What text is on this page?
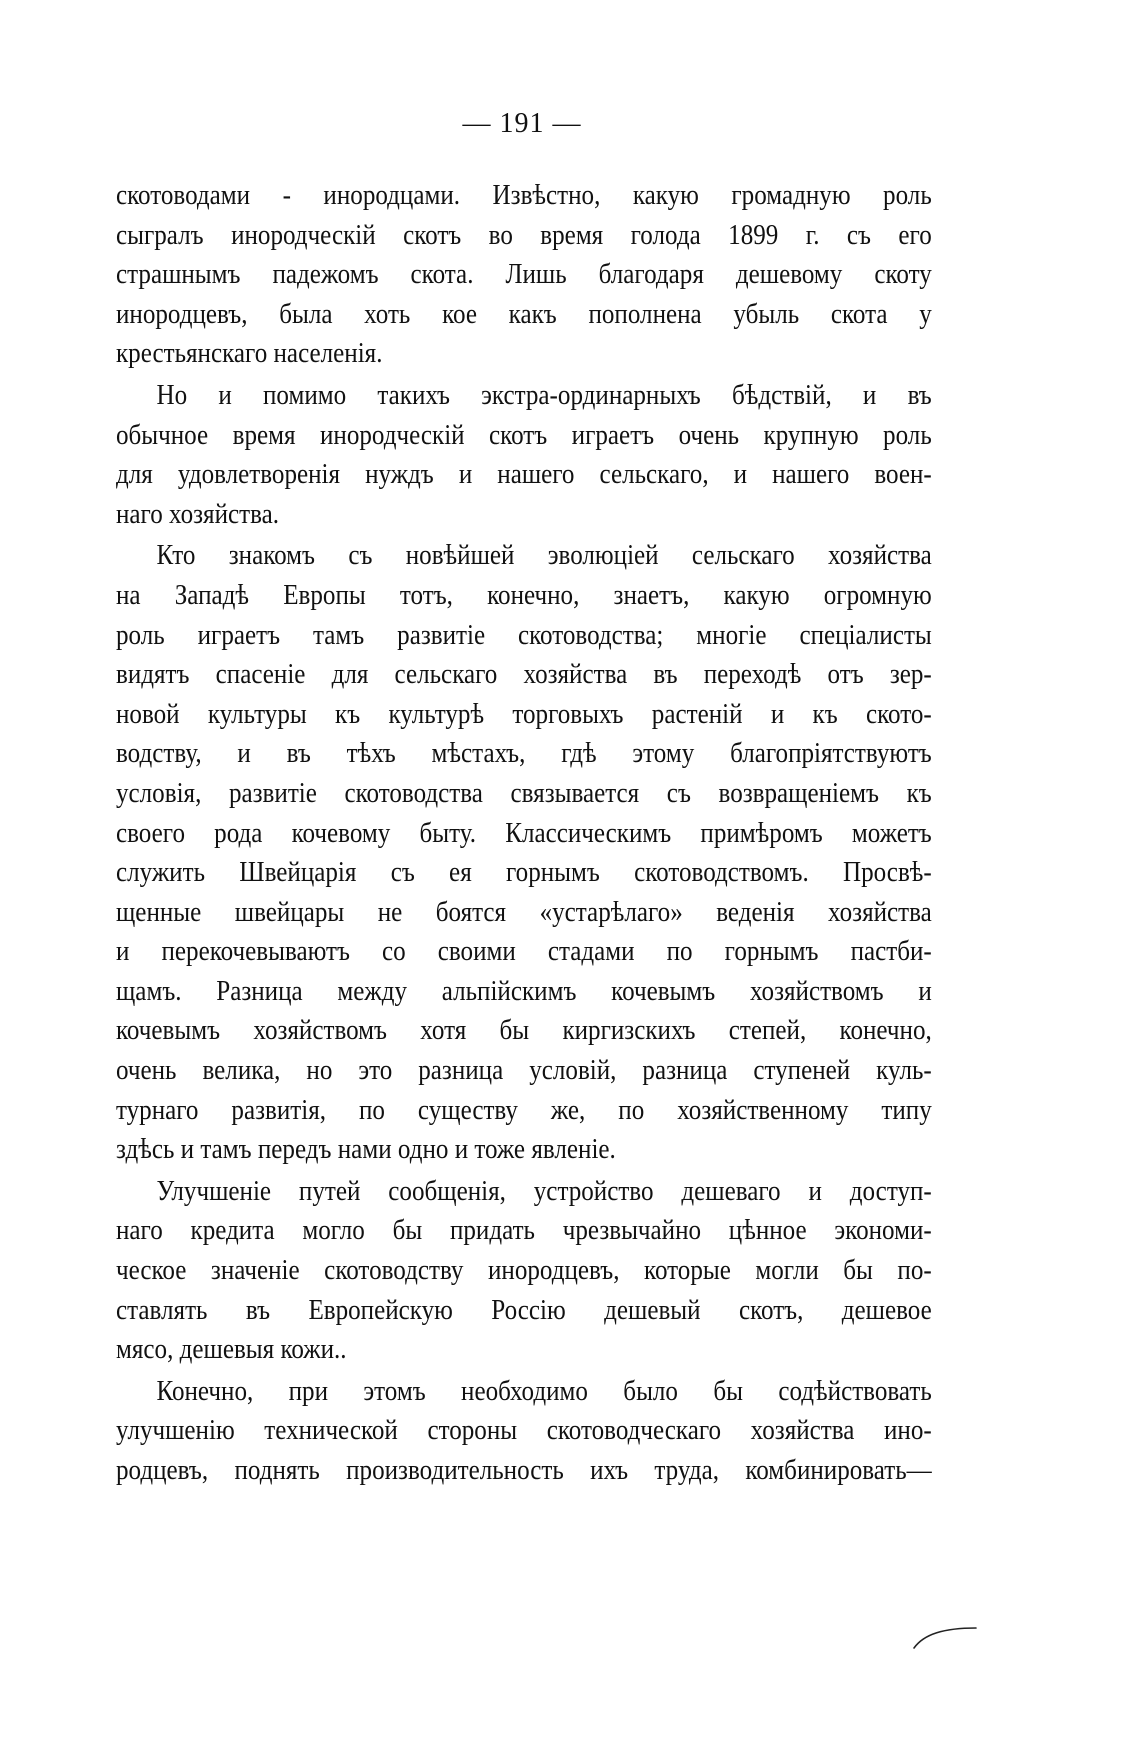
— 191 —
скотоводами - инородцами. Извѣстно, какую громадную роль
сыгралъ инородческій скотъ во время голода 1899 г. съ его
страшнымъ падежомъ скота. Лишь благодаря дешевому скоту
инородцевъ, была хоть кое какъ пополнена убыль скота у
крестьянскаго населенія.
Но и помимо такихъ экстра-ординарныхъ бѣдствій, и въ
обычное время инородческій скотъ играетъ очень крупную роль
для удовлетворенія нуждъ и нашего сельскаго, и нашего воен-
наго хозяйства.
Кто знакомъ съ новѣйшей эволюціей сельскаго хозяйства
на Западѣ Европы тотъ, конечно, знаетъ, какую огромную
роль играетъ тамъ развитіе скотоводства; многіе спеціалисты
видятъ спасеніе для сельскаго хозяйства въ переходѣ отъ зер-
новой культуры къ культурѣ торговыхъ растеній и къ ското-
водству, и въ тѣхъ мѣстахъ, гдѣ этому благопріятствуютъ
условія, развитіе скотоводства связывается съ возвращеніемъ къ
своего рода кочевому быту. Классическимъ примѣромъ можетъ
служить Швейцарія съ ея горнымъ скотоводствомъ. Просвѣ-
щенные швейцары не боятся «устарѣлаго» веденія хозяйства
и перекочевываютъ со своими стадами по горнымъ пастби-
щамъ. Разница между альпійскимъ кочевымъ хозяйствомъ и
кочевымъ хозяйствомъ хотя бы киргизскихъ степей, конечно,
очень велика, но это разница условій, разница ступеней куль-
турнаго развитія, по существу же, по хозяйственному типу
здѣсь и тамъ передъ нами одно и тоже явленіе.
Улучшеніе путей сообщенія, устройство дешеваго и доступ-
наго кредита могло бы придать чрезвычайно цѣнное экономи-
ческое значеніе скотоводству инородцевъ, которые могли бы по-
ставлять въ Европейскую Россію дешевый скотъ, дешевое
мясо, дешевыя кожи..
Конечно, при этомъ необходимо было бы содѣйствовать
улучшенію технической стороны скотоводческаго хозяйства ино-
родцевъ, поднять производительность ихъ труда, комбинировать—
